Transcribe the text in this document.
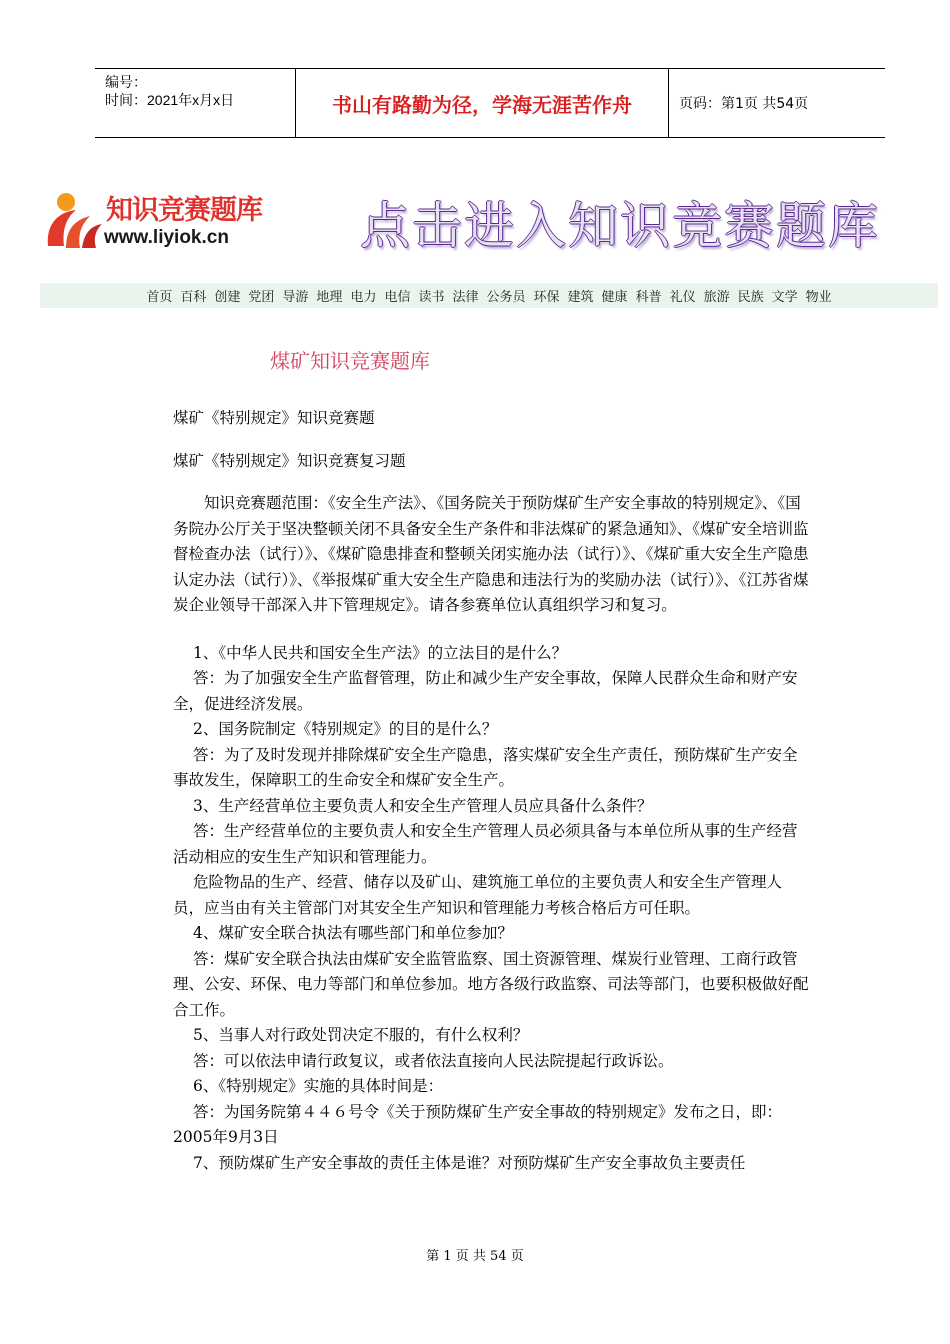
编号：
时间：2021年x月x日	书山有路勤为径，学海无涯苦作舟	页码：第1页 共54页
知识竞赛题库
www.liyiok.cn	点击进入知识竞赛题库
首页 百科 创建 党团 导游 地理 电力 电信 读书 法律 公务员 环保 建筑 健康 科普 礼仪 旅游 民族 文学 物业
煤矿知识竞赛题库

煤矿《特别规定》知识竞赛题

煤矿《特别规定》知识竞赛复习题

知识竞赛题范围：《安全生产法》、《国务院关于预防煤矿生产安全事故的特别规定》、《国务院办公厅关于坚决整顿关闭不具备安全生产条件和非法煤矿的紧急通知》、《煤矿安全培训监督检查办法（试行）》、《煤矿隐患排查和整顿关闭实施办法（试行）》、《煤矿重大安全生产隐患认定办法（试行）》、《举报煤矿重大安全生产隐患和违法行为的奖励办法（试行）》、《江苏省煤炭企业领导干部深入井下管理规定》。请各参赛单位认真组织学习和复习。

1、《中华人民共和国安全生产法》的立法目的是什么？

答：为了加强安全生产监督管理，防止和减少生产安全事故，保障人民群众生命和财产安全，促进经济发展。

2、国务院制定《特别规定》的目的是什么？

答：为了及时发现并排除煤矿安全生产隐患，落实煤矿安全生产责任，预防煤矿生产安全事故发生，保障职工的生命安全和煤矿安全生产。

3、生产经营单位主要负责人和安全生产管理人员应具备什么条件？

答：生产经营单位的主要负责人和安全生产管理人员必须具备与本单位所从事的生产经营活动相应的安生生产知识和管理能力。

危险物品的生产、经营、储存以及矿山、建筑施工单位的主要负责人和安全生产管理人员，应当由有关主管部门对其安全生产知识和管理能力考核合格后方可任职。

4、煤矿安全联合执法有哪些部门和单位参加？

答：煤矿安全联合执法由煤矿安全监管监察、国土资源管理、煤炭行业管理、工商行政管理、公安、环保、电力等部门和单位参加。地方各级行政监察、司法等部门，也要积极做好配合工作。

5、当事人对行政处罚决定不服的，有什么权利？

答：可以依法申请行政复议，或者依法直接向人民法院提起行政诉讼。

6、《特别规定》实施的具体时间是：

答：为国务院第４４６号令《关于预防煤矿生产安全事故的特别规定》发布之日，即：2005年9月3日

7、预防煤矿生产安全事故的责任主体是谁？对预防煤矿生产安全事故负主要责任

第 1 页 共 54 页
